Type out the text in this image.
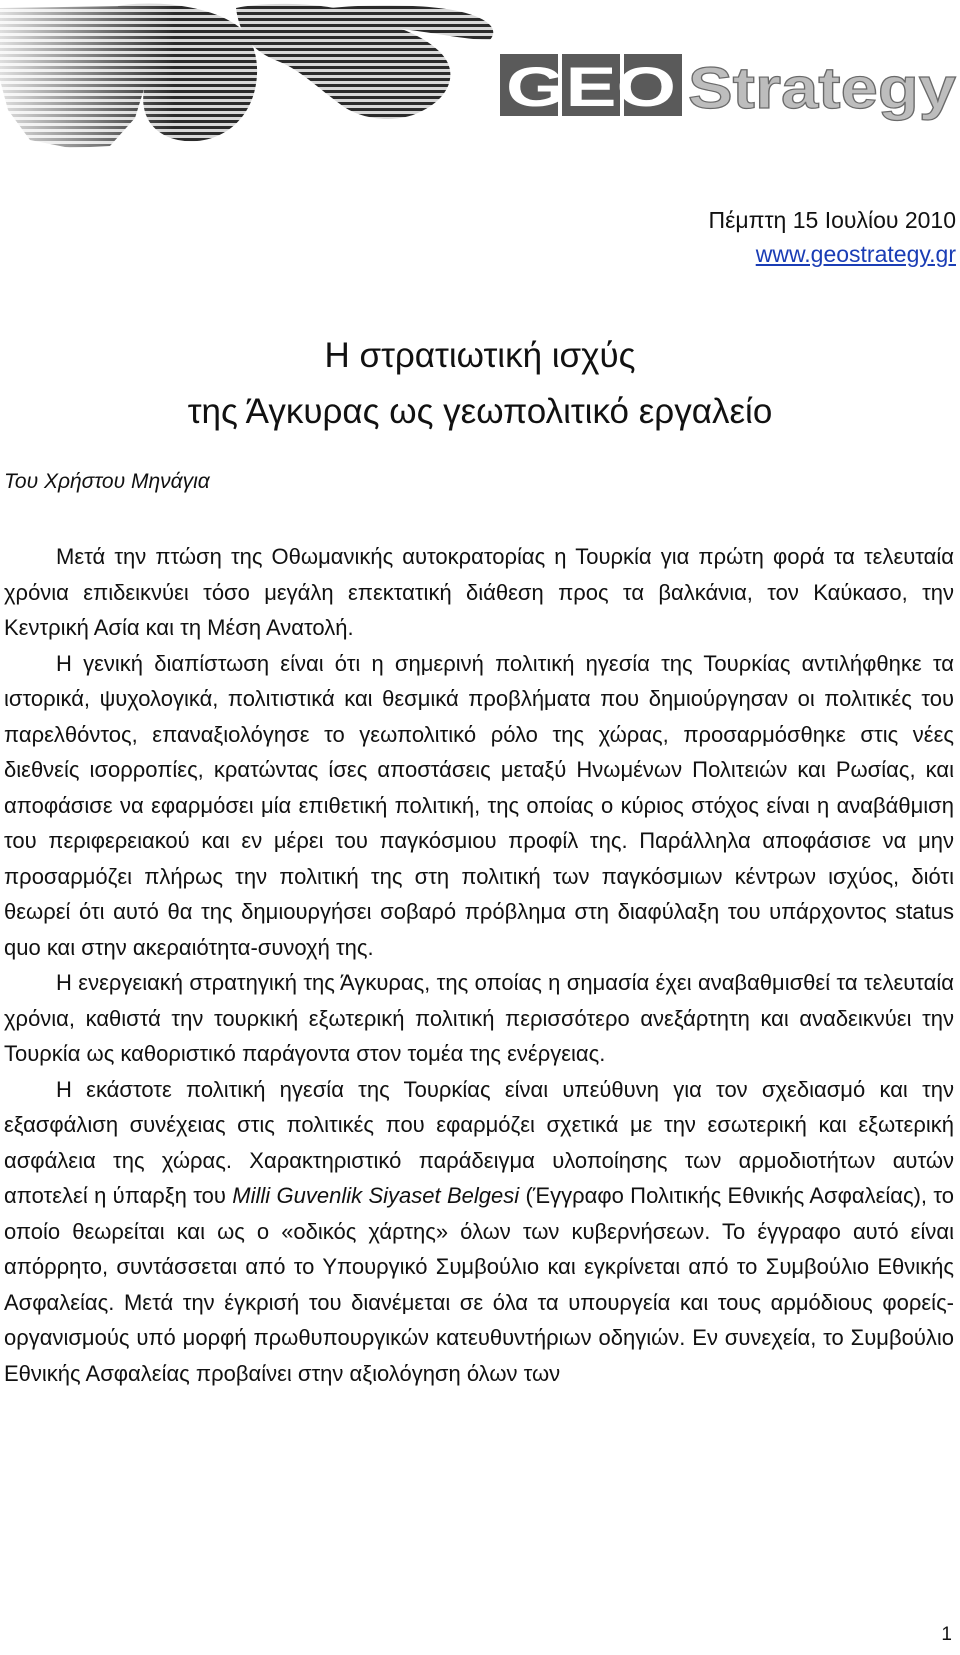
GEO Strategy
Πέμπτη 15 Ιουλίου 2010
www.geostrategy.gr
Η στρατιωτική ισχύς
της Άγκυρας ως γεωπολιτικό εργαλείο
Του Χρήστου Μηνάγια

Μετά την πτώση της Οθωμανικής αυτοκρατορίας η Τουρκία για πρώτη φορά τα τελευταία χρόνια επιδεικνύει τόσο μεγάλη επεκτατική διάθεση προς τα βαλκάνια, τον Καύκασο, την Κεντρική Ασία και τη Μέση Ανατολή.

Η γενική διαπίστωση είναι ότι η σημερινή πολιτική ηγεσία της Τουρκίας αντιλήφθηκε τα ιστορικά, ψυχολογικά, πολιτιστικά και θεσμικά προβλήματα που δημιούργησαν οι πολιτικές του παρελθόντος, επαναξιολόγησε το γεωπολιτικό ρόλο της χώρας, προσαρμόσθηκε στις νέες διεθνείς ισορροπίες, κρατώντας ίσες αποστάσεις μεταξύ Ηνωμένων Πολιτειών και Ρωσίας, και αποφάσισε να εφαρμόσει μία επιθετική πολιτική, της οποίας ο κύριος στόχος είναι η αναβάθμιση του περιφερειακού και εν μέρει του παγκόσμιου προφίλ της. Παράλληλα αποφάσισε να μην προσαρμόζει πλήρως την πολιτική της στη πολιτική των παγκόσμιων κέντρων ισχύος, διότι θεωρεί ότι αυτό θα της δημιουργήσει σοβαρό πρόβλημα στη διαφύλαξη του υπάρχοντος status quo και στην ακεραιότητα-συνοχή της.

Η ενεργειακή στρατηγική της Άγκυρας, της οποίας η σημασία έχει αναβαθμισθεί τα τελευταία χρόνια, καθιστά την τουρκική εξωτερική πολιτική περισσότερο ανεξάρτητη και αναδεικνύει την Τουρκία ως καθοριστικό παράγοντα στον τομέα της ενέργειας.

Η εκάστοτε πολιτική ηγεσία της Τουρκίας είναι υπεύθυνη για τον σχεδιασμό και την εξασφάλιση συνέχειας στις πολιτικές που εφαρμόζει σχετικά με την εσωτερική και εξωτερική ασφάλεια της χώρας. Χαρακτηριστικό παράδειγμα υλοποίησης των αρμοδιοτήτων αυτών αποτελεί η ύπαρξη του Milli Guvenlik Siyaset Belgesi (Έγγραφο Πολιτικής Εθνικής Ασφαλείας), το οποίο θεωρείται και ως ο «οδικός χάρτης» όλων των κυβερνήσεων. Το έγγραφο αυτό είναι απόρρητο, συντάσσεται από το Υπουργικό Συμβούλιο και εγκρίνεται από το Συμβούλιο Εθνικής Ασφαλείας. Μετά την έγκρισή του διανέμεται σε όλα τα υπουργεία και τους αρμόδιους φορείς-οργανισμούς υπό μορφή πρωθυπουργικών κατευθυντήριων οδηγιών. Εν συνεχεία, το Συμβούλιο Εθνικής Ασφαλείας προβαίνει στην αξιολόγηση όλων των

1
